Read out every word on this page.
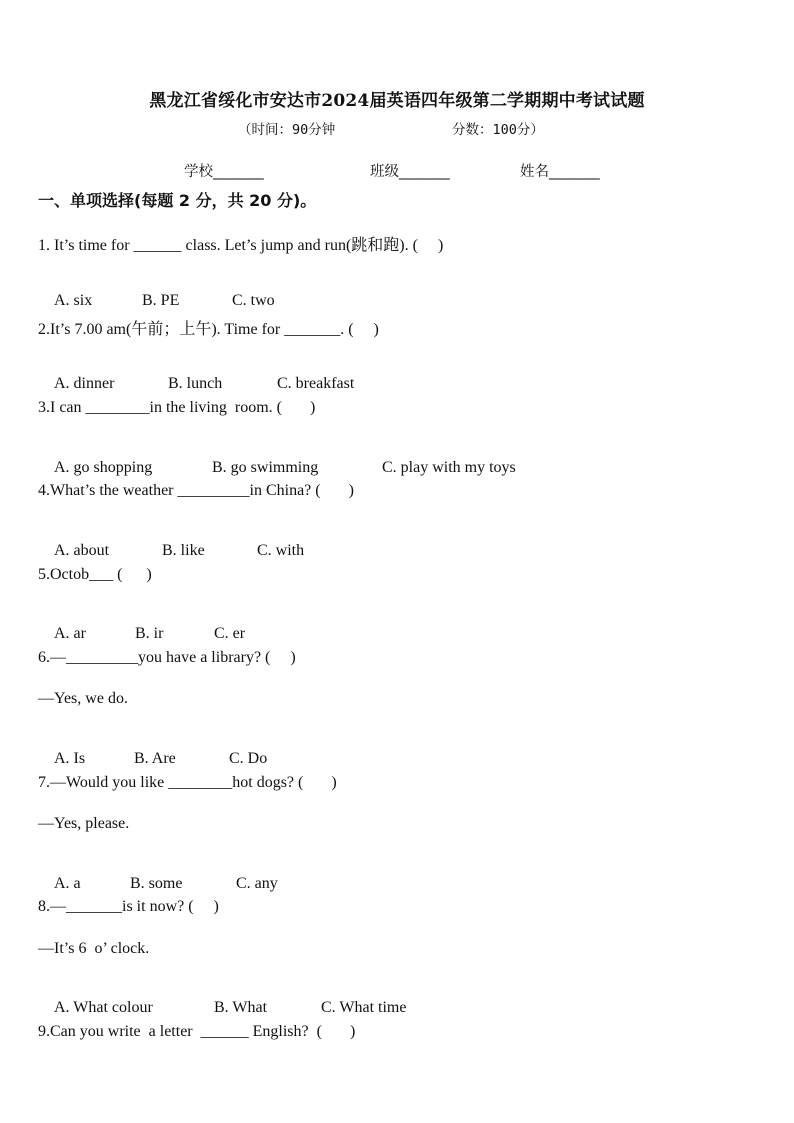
黑龙江省绥化市安达市2024届英语四年级第二学期期中考试试题
（时间：90分钟	分数：100分）
学校_______	班级_______	姓名_______
一、单项选择(每题 2 分，共 20 分)。
1. It’s time for ______ class. Let’s jump and run(跳和跑). (     )

A. six	B. PE	C. two

2.It’s 7.00 am(午前；上午). Time for _______. (     )

A. dinner	B. lunch	C. breakfast

3.I can ________in the living  room. (       )

A. go shopping	B. go swimming	C. play with my toys

4.What’s the weather _________in China? (       )

A. about	B. like	C. with

5.Octob___ (      )

A. ar	B. ir	C. er

6.—_________you have a library? (     )
—Yes, we do.

A. Is	B. Are	C. Do

7.—Would you like ________hot dogs? (       )
—Yes, please.

A. a	B. some	C. any

8.—_______is it now? (     )
—It’s 6  o’ clock.

A. What colour	B. What	C. What time

9.Can you write  a letter  ______ English?  (       )
